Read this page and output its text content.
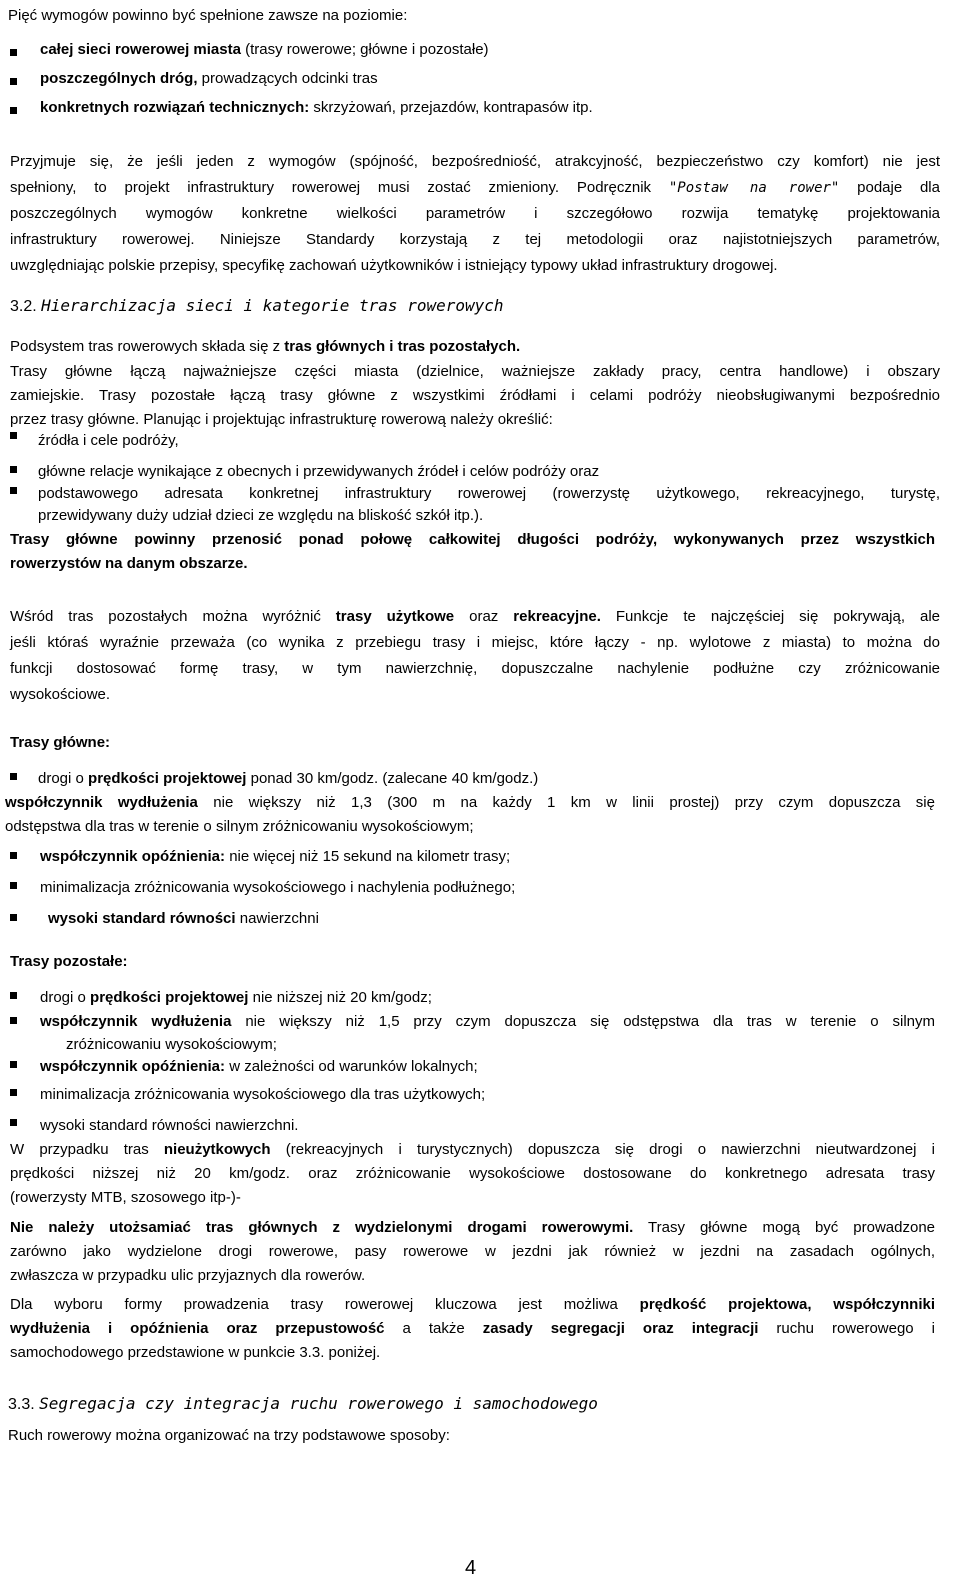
Pięć wymogów powinno być spełnione zawsze na poziomie:
całej sieci rowerowej miasta (trasy rowerowe; główne i pozostałe)
poszczególnych dróg, prowadzących odcinki tras
konkretnych rozwiązań technicznych: skrzyżowań, przejazdów, kontrapasów itp.
Przyjmuje się, że jeśli jeden z wymogów (spójność, bezpośredniość, atrakcyjność, bezpieczeństwo czy komfort) nie jest
spełniony, to projekt infrastruktury rowerowej musi zostać zmieniony. Podręcznik "Postaw na rower" podaje dla
poszczególnych wymogów konkretne wielkości parametrów i szczegółowo rozwija tematykę projektowania
infrastruktury rowerowej. Niniejsze Standardy korzystają z tej metodologii oraz najistotniejszych parametrów,
uwzględniając polskie przepisy, specyfikę zachowań użytkowników i istniejący typowy układ infrastruktury drogowej.
3.2. Hierarchizacja sieci i kategorie tras rowerowych
Podsystem tras rowerowych składa się z tras głównych i tras pozostałych.
Trasy główne łączą najważniejsze części miasta (dzielnice, ważniejsze zakłady pracy, centra handlowe) i obszary
zamiejskie. Trasy pozostałe łączą trasy główne z wszystkimi źródłami i celami podróży nieobsługiwanymi bezpośrednio
przez trasy główne. Planując i projektując infrastrukturę rowerową należy określić:
źródła i cele podróży,
główne relacje wynikające z obecnych i przewidywanych źródeł i celów podróży oraz
podstawowego adresata konkretnej infrastruktury rowerowej (rowerzystę użytkowego, rekreacyjnego, turystę,
przewidywany duży udział dzieci ze względu na bliskość szkół itp.).
Trasy główne powinny przenosić ponad połowę całkowitej długości podróży, wykonywanych przez wszystkich
rowerzystów na danym obszarze.
Wśród tras pozostałych można wyróżnić trasy użytkowe oraz rekreacyjne. Funkcje te najczęściej się pokrywają, ale
jeśli któraś wyraźnie przeważa (co wynika z przebiegu trasy i miejsc, które łączy - np. wylotowe z miasta) to można do
funkcji dostosować formę trasy, w tym nawierzchnię, dopuszczalne nachylenie podłużne czy zróżnicowanie
wysokościowe.
Trasy główne:
drogi o prędkości projektowej ponad 30 km/godz. (zalecane 40 km/godz.)
współczynnik wydłużenia nie większy niż 1,3 (300 m na każdy 1 km w linii prostej) przy czym dopuszcza się
odstępstwa dla tras w terenie o silnym zróżnicowaniu wysokościowym;
współczynnik opóźnienia: nie więcej niż 15 sekund na kilometr trasy;
minimalizacja zróżnicowania wysokościowego i nachylenia podłużnego;
wysoki standard równości nawierzchni
Trasy pozostałe:
drogi o prędkości projektowej nie niższej niż 20 km/godz;
współczynnik wydłużenia nie większy niż 1,5 przy czym dopuszcza się odstępstwa dla tras w terenie o silnym
zróżnicowaniu wysokościowym;
współczynnik opóźnienia: w zależności od warunków lokalnych;
minimalizacja zróżnicowania wysokościowego dla tras użytkowych;
wysoki standard równości nawierzchni.
W przypadku tras nieużytkowych (rekreacyjnych i turystycznych) dopuszcza się drogi o nawierzchni nieutwardzonej i
prędkości niższej niż 20 km/godz. oraz zróżnicowanie wysokościowe dostosowane do konkretnego adresata trasy
(rowerzysty MTB, szosowego itp-)-
Nie należy utożsamiać tras głównych z wydzielonymi drogami rowerowymi. Trasy główne mogą być prowadzone
zarówno jako wydzielone drogi rowerowe, pasy rowerowe w jezdni jak również w jezdni na zasadach ogólnych,
zwłaszcza w przypadku ulic przyjaznych dla rowerów.
Dla wyboru formy prowadzenia trasy rowerowej kluczowa jest możliwa prędkość projektowa, współczynniki
wydłużenia i opóźnienia oraz przepustowość a także zasady segregacji oraz integracji ruchu rowerowego i
samochodowego przedstawione w punkcie 3.3. poniżej.
3.3. Segregacja czy integracja ruchu rowerowego i samochodowego
Ruch rowerowy można organizować na trzy podstawowe sposoby:
4
